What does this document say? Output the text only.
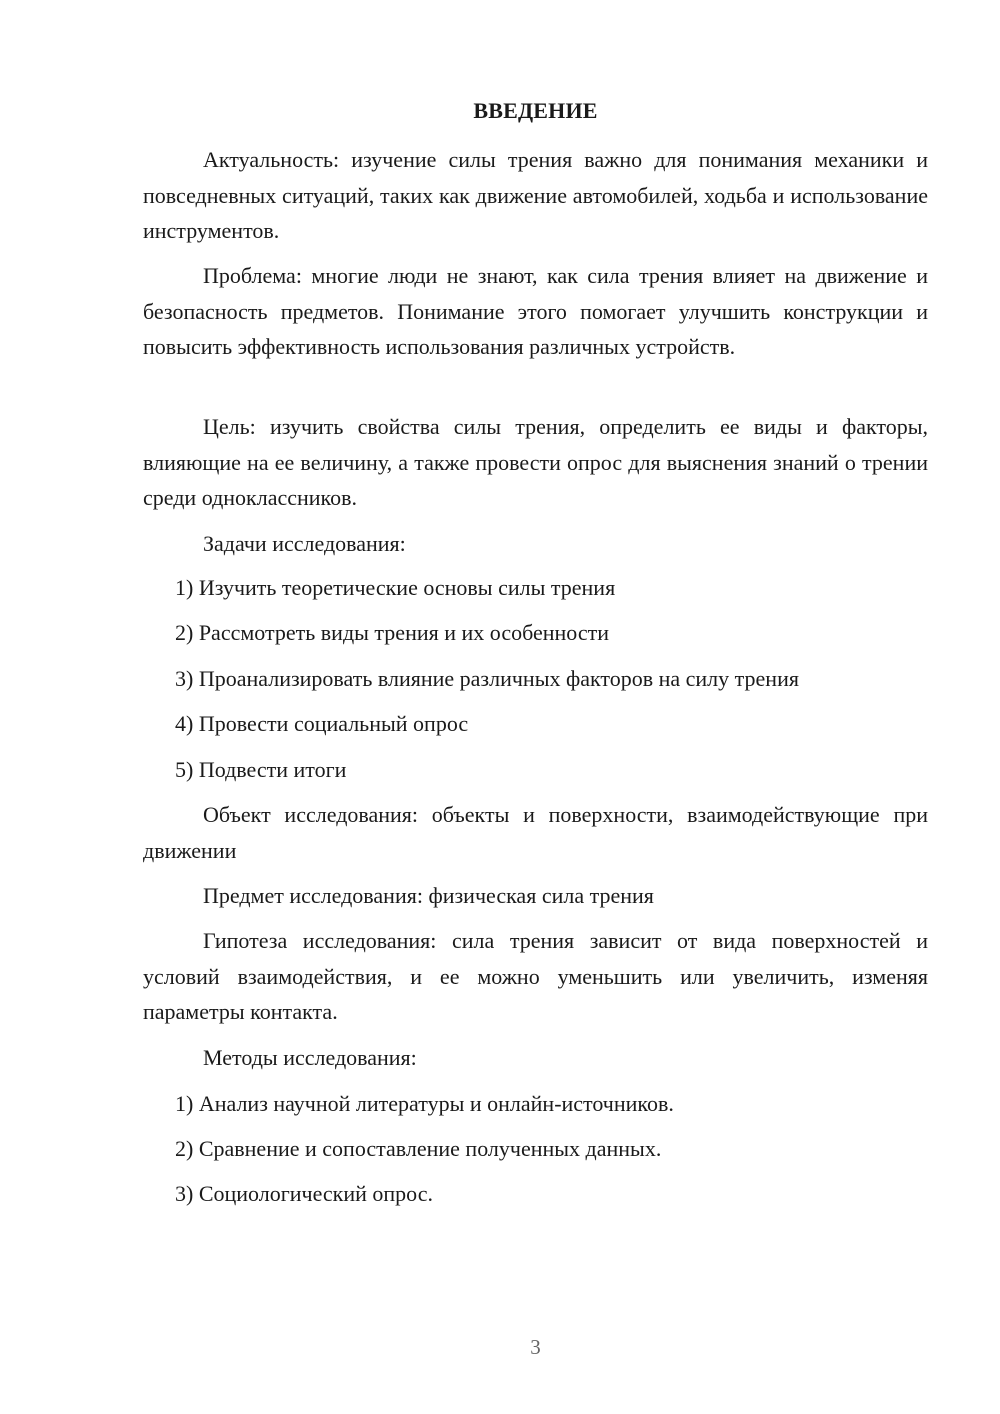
ВВЕДЕНИЕ

Актуальность: изучение силы трения важно для понимания механики и повседневных ситуаций, таких как движение автомобилей, ходьба и использование инструментов.

Проблема: многие люди не знают, как сила трения влияет на движение и безопасность предметов. Понимание этого помогает улучшить конструкции и повысить эффективность использования различных устройств.

Цель: изучить свойства силы трения, определить ее виды и факторы, влияющие на ее величину, а также провести опрос для выяснения знаний о трении среди одноклассников.

Задачи исследования:

1) Изучить теоретические основы силы трения

2) Рассмотреть виды трения и их особенности

3) Проанализировать влияние различных факторов на силу трения

4) Провести социальный опрос

5) Подвести итоги

Объект исследования: объекты и поверхности, взаимодействующие при движении

Предмет исследования: физическая сила трения

Гипотеза исследования: сила трения зависит от вида поверхностей и условий взаимодействия, и ее можно уменьшить или увеличить, изменяя параметры контакта.

Методы исследования:

1) Анализ научной литературы и онлайн-источников.

2) Сравнение и сопоставление полученных данных.

3) Социологический опрос.

3
